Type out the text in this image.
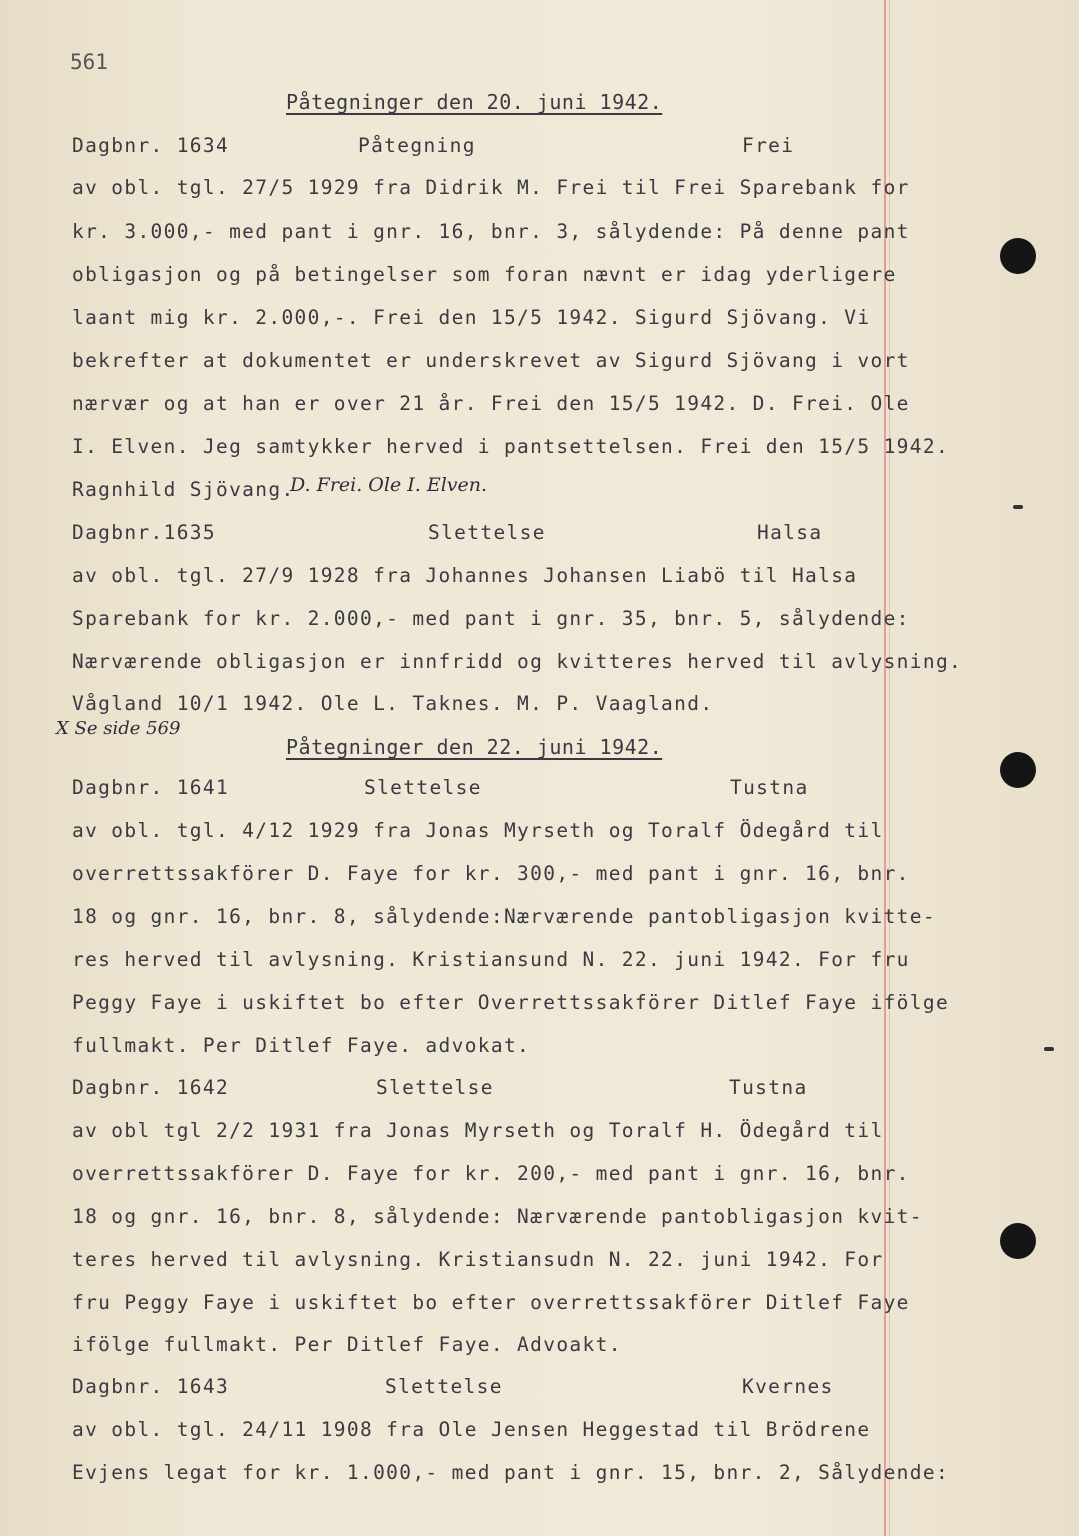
561
Påtegninger den 20. juni 1942.
Dagbnr. 1634	Påtegning	Frei
av obl. tgl. 27/5 1929 fra Didrik M. Frei til Frei Sparebank for
kr. 3.000,- med pant i gnr. 16, bnr. 3, sålydende: På denne pant
obligasjon og på betingelser som foran nævnt er idag yderligere
laant mig kr. 2.000,-. Frei den 15/5 1942. Sigurd Sjövang. Vi
bekrefter at dokumentet er underskrevet av Sigurd Sjövang i vort
nærvær og at han er over 21 år. Frei den 15/5 1942. D. Frei. Ole
I. Elven. Jeg samtykker herved i pantsettelsen. Frei den 15/5 1942.
Ragnhild Sjövang.
D. Frei. Ole I. Elven.
Dagbnr.1635	Slettelse	Halsa
av obl. tgl. 27/9 1928 fra Johannes Johansen Liabö til Halsa
Sparebank for kr. 2.000,- med pant i gnr. 35, bnr. 5, sålydende:
Nærværende obligasjon er innfridd og kvitteres herved til avlysning.
Vågland 10/1 1942. Ole L. Taknes. M. P. Vaagland.
X Se side 569
Påtegninger den 22. juni 1942.
Dagbnr. 1641	Slettelse	Tustna
av obl. tgl. 4/12 1929 fra Jonas Myrseth og Toralf Ödegård til
overrettssakförer D. Faye for kr. 300,- med pant i gnr. 16, bnr.
18 og gnr. 16, bnr. 8, sålydende:Nærværende pantobligasjon kvitte-
res herved til avlysning. Kristiansund N. 22. juni 1942. For fru
Peggy Faye i uskiftet bo efter Overrettssakförer Ditlef Faye ifölge
fullmakt. Per Ditlef Faye. advokat.
Dagbnr. 1642	Slettelse	Tustna
av obl tgl 2/2 1931 fra Jonas Myrseth og Toralf H. Ödegård til
overrettssakförer D. Faye for kr. 200,- med pant i gnr. 16, bnr.
18 og gnr. 16, bnr. 8, sålydende: Nærværende pantobligasjon kvit-
teres herved til avlysning. Kristiansudn N. 22. juni 1942. For
fru Peggy Faye i uskiftet bo efter overrettssakförer Ditlef Faye
ifölge fullmakt. Per Ditlef Faye. Advoakt.
Dagbnr. 1643	Slettelse	Kvernes
av obl. tgl. 24/11 1908 fra Ole Jensen Heggestad til Brödrene
Evjens legat for kr. 1.000,- med pant i gnr. 15, bnr. 2, Sålydende:
